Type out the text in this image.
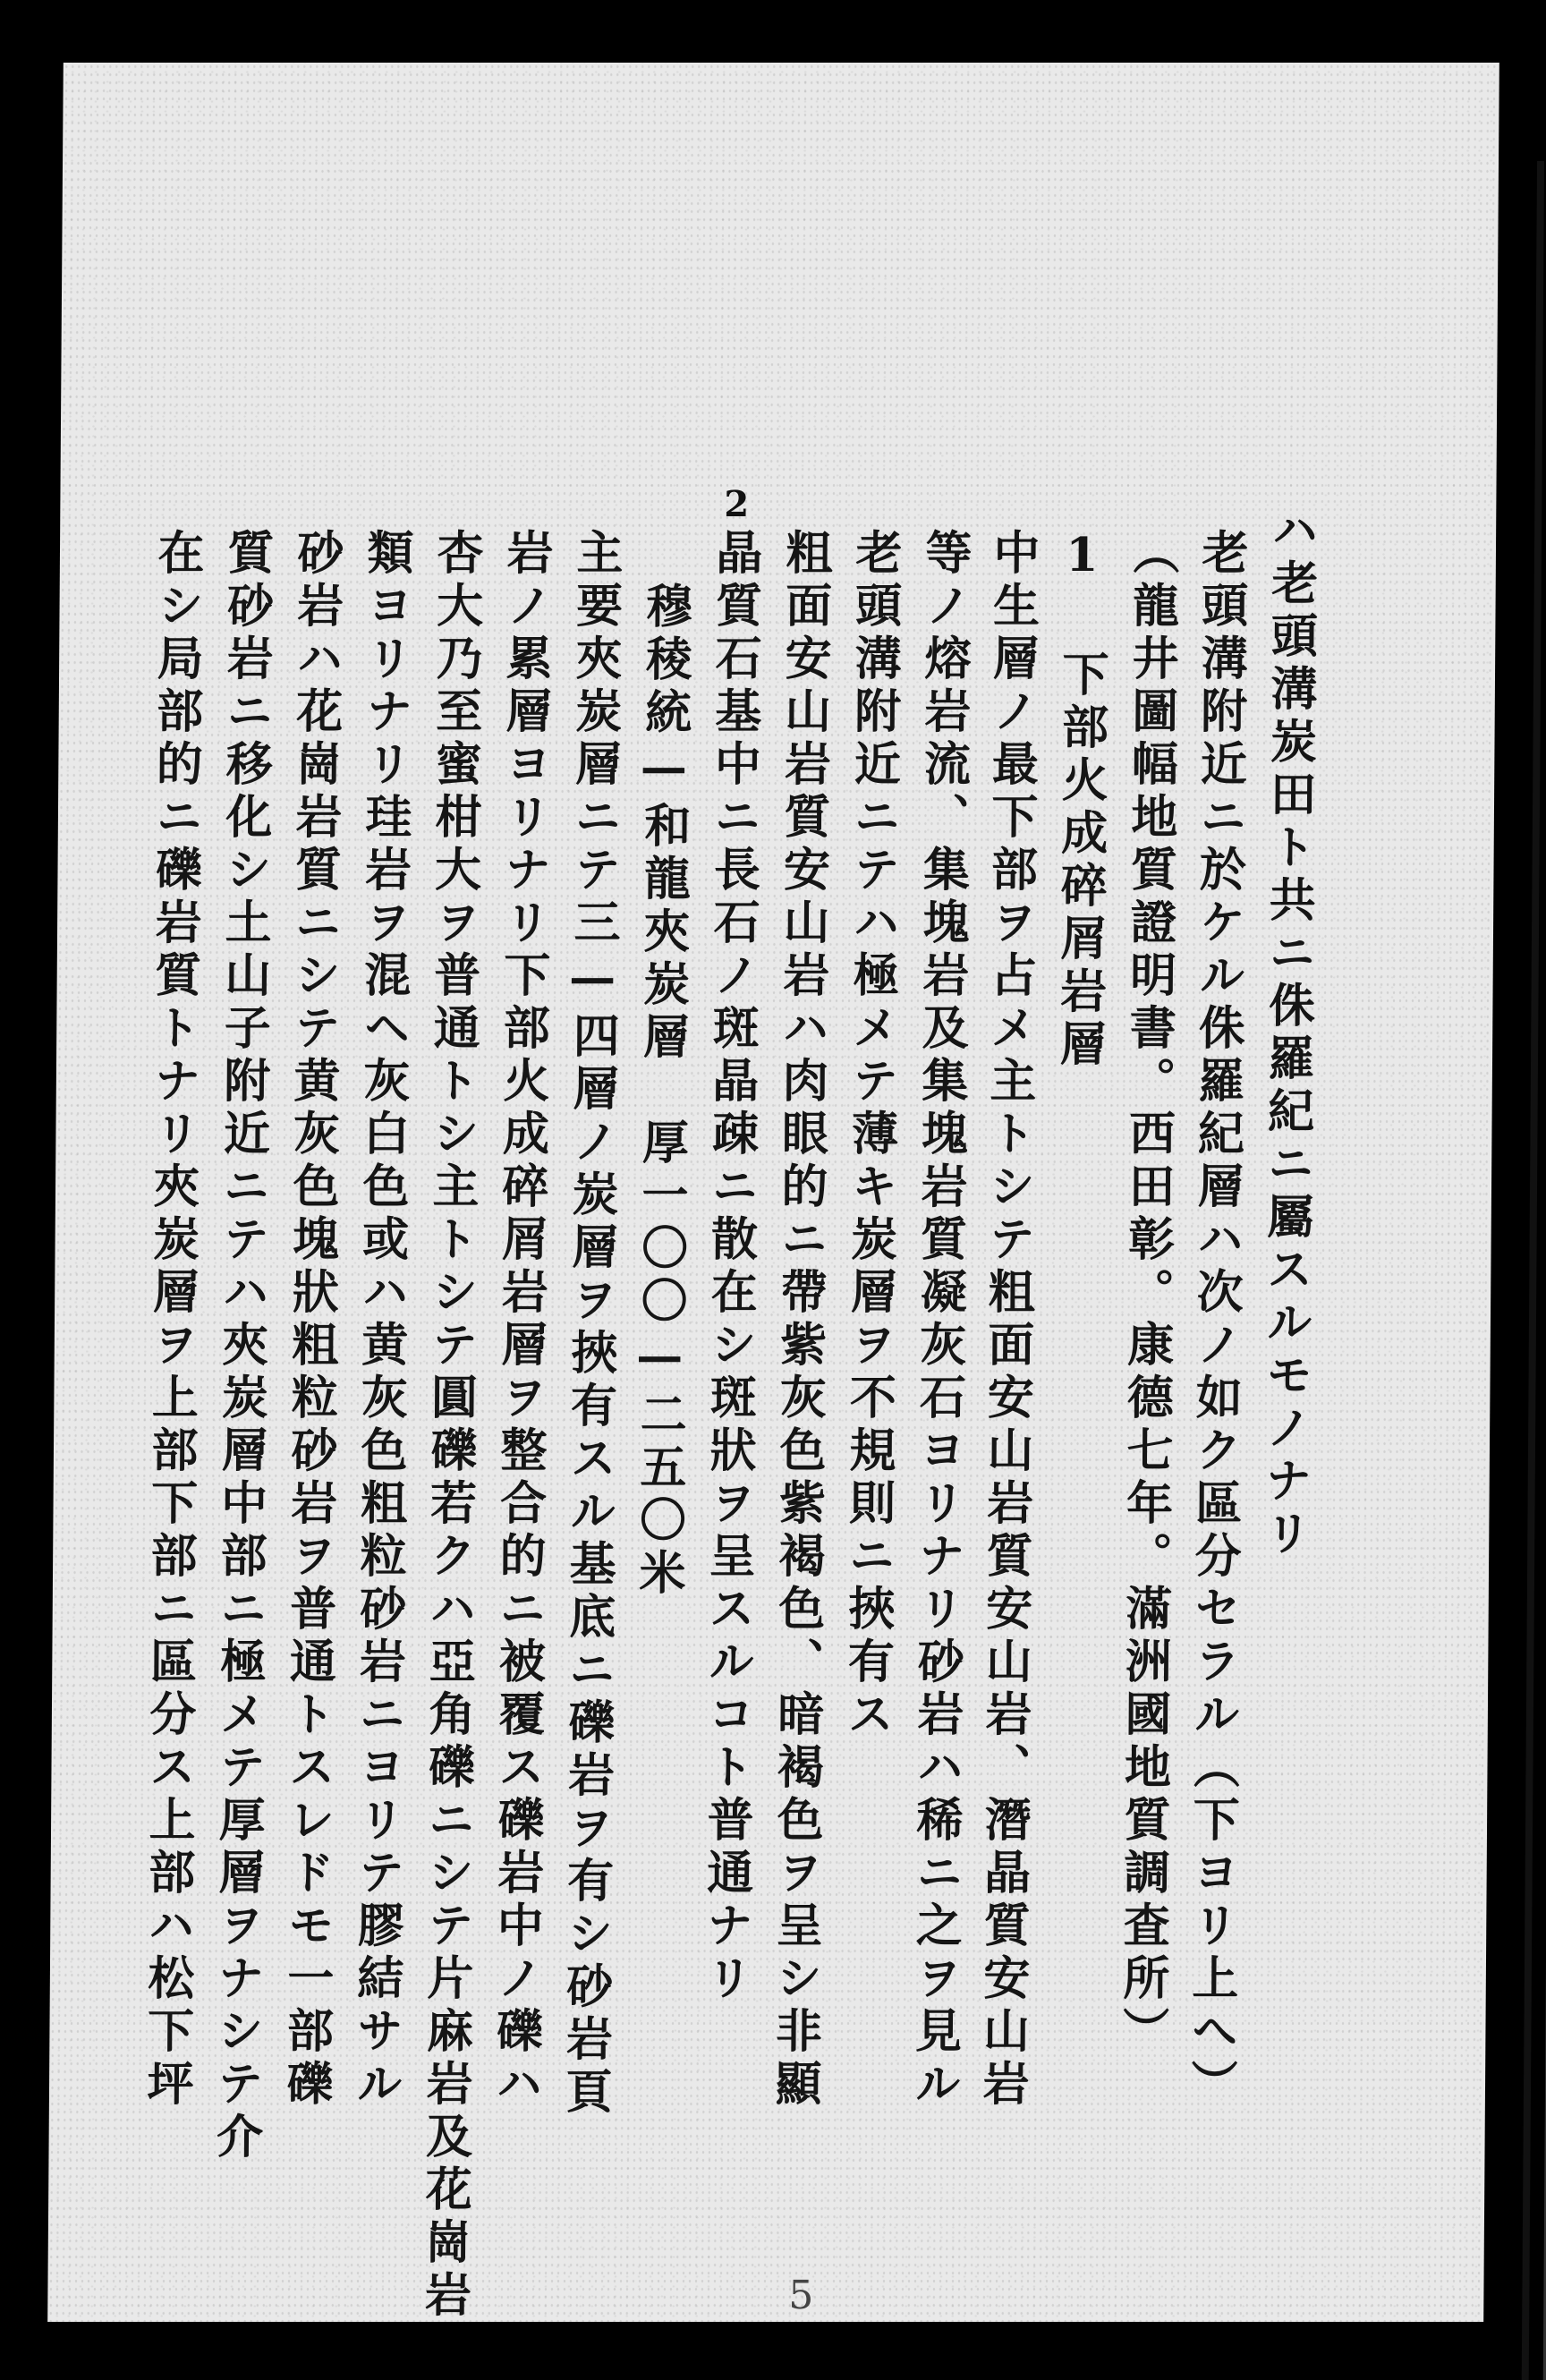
ハ老頭溝炭田ト共ニ侏羅紀ニ屬スルモノナリ
老頭溝附近ニ於ケル侏羅紀層ハ次ノ如ク區分セラル（下ヨリ上へ）
（龍井圖幅地質證明書。西田彰。康德七年。滿洲國地質調査所）
1 下部火成碎屑岩層
中生層ノ最下部ヲ占メ主トシテ粗面安山岩質安山岩、潛晶質安山岩
等ノ熔岩流、集塊岩及集塊岩質凝灰石ヨリナリ砂岩ハ稀ニ之ヲ見ル
老頭溝附近ニテハ極メテ薄キ炭層ヲ不規則ニ挾有ス
粗面安山岩質安山岩ハ肉眼的ニ帶紫灰色紫褐色、暗褐色ヲ呈シ非顯
晶質石基中ニ長石ノ斑晶疎ニ散在シ斑狀ヲ呈スルコト普通ナリ
穆稜統—和龍夾炭層　厚一〇〇—二五〇米
主要夾炭層ニテ三—四層ノ炭層ヲ挾有スル基底ニ礫岩ヲ有シ砂岩頁
岩ノ累層ヨリナリ下部火成碎屑岩層ヲ整合的ニ被覆ス礫岩中ノ礫ハ
杏大乃至蜜柑大ヲ普通トシ主トシテ圓礫若クハ亞角礫ニシテ片麻岩及花崗岩
類ヨリナリ珪岩ヲ混ヘ灰白色或ハ黄灰色粗粒砂岩ニヨリテ膠結サル
砂岩ハ花崗岩質ニシテ黄灰色塊狀粗粒砂岩ヲ普通トスレドモ一部礫
質砂岩ニ移化シ土山子附近ニテハ夾炭層中部ニ極メテ厚層ヲナシテ介
在シ局部的ニ礫岩質トナリ夾炭層ヲ上部下部ニ區分ス上部ハ松下坪
2
5
